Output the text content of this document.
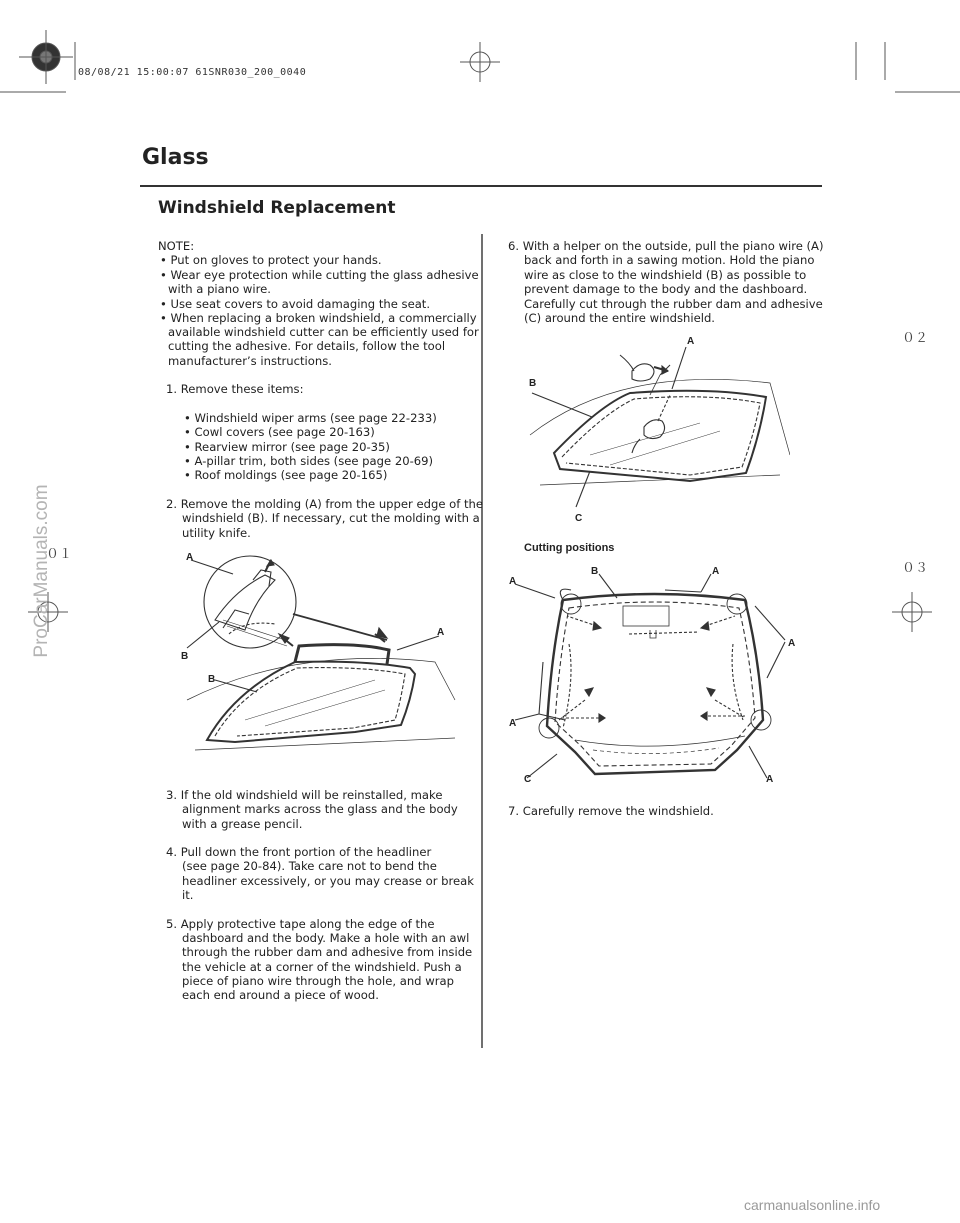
08/08/21 15:00:07 61SNR030_200_0040
Glass
Windshield Replacement
NOTE:
• Put on gloves to protect your hands.
• Wear eye protection while cutting the glass adhesive
with a piano wire.
• Use seat covers to avoid damaging the seat.
• When replacing a broken windshield, a commercially
available windshield cutter can be efficiently used for
cutting the adhesive. For details, follow the tool
manufacturer’s instructions.
1. Remove these items:
• Windshield wiper arms (see page 22-233)
• Cowl covers (see page 20-163)
• Rearview mirror (see page 20-35)
• A-pillar trim, both sides (see page 20-69)
• Roof moldings (see page 20-165)
2. Remove the molding (A) from the upper edge of the
windshield (B). If necessary, cut the molding with a
utility knife.
A
B
A
B
3. If the old windshield will be reinstalled, make
alignment marks across the glass and the body
with a grease pencil.
4. Pull down the front portion of the headliner
(see page 20-84). Take care not to bend the
headliner excessively, or you may crease or break
it.
5. Apply protective tape along the edge of the
dashboard and the body. Make a hole with an awl
through the rubber dam and adhesive from inside
the vehicle at a corner of the windshield. Push a
piece of piano wire through the hole, and wrap
each end around a piece of wood.
6. With a helper on the outside, pull the piano wire (A)
back and forth in a sawing motion. Hold the piano
wire as close to the windshield (B) as possible to
prevent damage to the body and the dashboard.
Carefully cut through the rubber dam and adhesive
(C) around the entire windshield.
A
B
C
Cutting positions
A
B	A
A
A
C	A
7. Carefully remove the windshield.
０２
０１
０３
ProCarManuals.com
carmanualsonline.info
